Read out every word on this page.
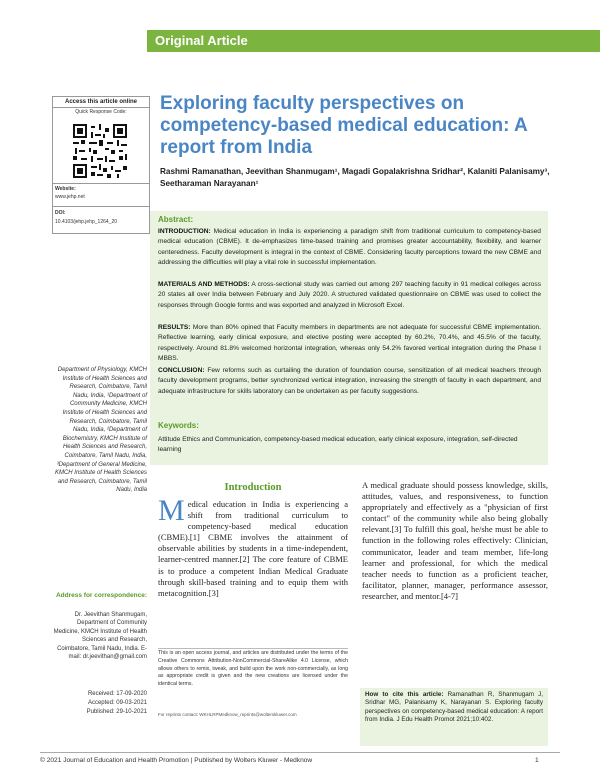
Original Article
Access this article online
Quick Response Code:
Website:
www.jehp.net
DOI:
10.4103/jehp.jehp_1264_20
Exploring faculty perspectives on competency-based medical education: A report from India
Rashmi Ramanathan, Jeevithan Shanmugam¹, Magadi Gopalakrishna Sridhar², Kalaniti Palanisamy³, Seetharaman Narayanan¹
Abstract:
INTRODUCTION: Medical education in India is experiencing a paradigm shift from traditional curriculum to competency-based medical education (CBME). It de-emphasizes time-based training and promises greater accountability, flexibility, and learner centeredness. Faculty development is integral in the context of CBME. Considering faculty perceptions toward the new CBME and addressing the difficulties will play a vital role in successful implementation.
MATERIALS AND METHODS: A cross-sectional study was carried out among 297 teaching faculty in 91 medical colleges across 20 states all over India between February and July 2020. A structured validated questionnaire on CBME was used to collect the responses through Google forms and was exported and analyzed in Microsoft Excel.
RESULTS: More than 80% opined that Faculty members in departments are not adequate for successful CBME implementation. Reflective learning, early clinical exposure, and elective posting were accepted by 60.2%, 70.4%, and 45.5% of the faculty, respectively. Around 81.8% welcomed horizontal integration, whereas only 54.2% favored vertical integration during the Phase I MBBS.
CONCLUSION: Few reforms such as curtailing the duration of foundation course, sensitization of all medical teachers through faculty development programs, better synchronized vertical integration, increasing the strength of faculty in each department, and adequate infrastructure for skills laboratory can be undertaken as per faculty suggestions.
Keywords:
Attitude Ethics and Communication, competency-based medical education, early clinical exposure, integration, self-directed learning
Department of Physiology, KMCH Institute of Health Sciences and Research, Coimbatore, Tamil Nadu, India, ¹Department of Community Medicine, KMCH Institute of Health Sciences and Research, Coimbatore, Tamil Nadu, India, ²Department of Biochemistry, KMCH Institute of Health Sciences and Research, Coimbatore, Tamil Nadu, India, ³Department of General Medicine, KMCH Institute of Health Sciences and Research, Coimbatore, Tamil Nadu, India
Address for correspondence:
Dr. Jeevithan Shanmugam, Department of Community Medicine, KMCH Institute of Health Sciences and Research, Coimbatore, Tamil Nadu, India. E-mail: dr.jeevithan@gmail.com
Received: 17-09-2020
Accepted: 09-03-2021
Published: 29-10-2021
Introduction
Medical education in India is experiencing a shift from traditional curriculum to competency-based medical education (CBME).[1] CBME involves the attainment of observable abilities by students in a time-independent, learner-centred manner.[2] The core feature of CBME is to produce a competent Indian Medical Graduate through skill-based training and to equip them with metacognition.[3]
A medical graduate should possess knowledge, skills, attitudes, values, and responsiveness, to function appropriately and effectively as a "physician of first contact" of the community while also being globally relevant.[3] To fulfill this goal, he/she must be able to function in the following roles effectively: Clinician, communicator, leader and team member, life-long learner and professional, for which the medical teacher needs to function as a proficient teacher, facilitator, planner, manager, performance assessor, researcher, and mentor.[4-7]
This is an open access journal, and articles are distributed under the terms of the Creative Commons Attribution-NonCommercial-ShareAlike 4.0 License, which allows others to remix, tweak, and build upon the work non-commercially, as long as appropriate credit is given and the new creations are licensed under the identical terms.
For reprints contact: WKHLRPMedknow_reprints@wolterskluwer.com
How to cite this article: Ramanathan R, Shanmugam J, Sridhar MG, Palanisamy K, Narayanan S. Exploring faculty perspectives on competency-based medical education: A report from India. J Edu Health Promot 2021;10:402.
© 2021 Journal of Education and Health Promotion | Published by Wolters Kluwer - Medknow	1
